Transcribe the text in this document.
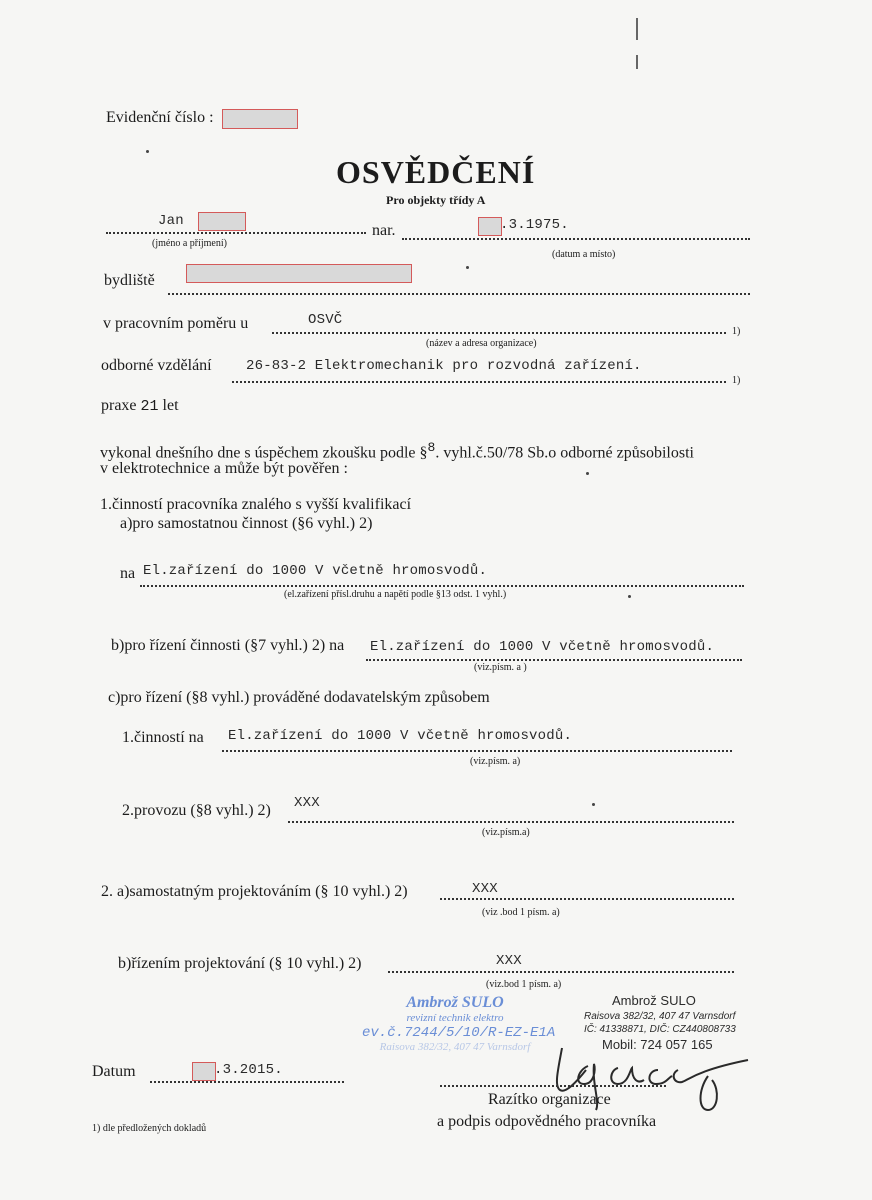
Evidenční číslo :
OSVĚDČENÍ
Pro objekty třídy A
Jan
nar.	.3.1975.
(jméno a příjmení)
(datum a místo)
bydliště
v pracovním poměru u	OSVČ
1)
(název a adresa organizace)
odborné vzdělání 26-83-2 Elektromechanik pro rozvodná zařízení.
1)
praxe 21 let
vykonal dnešního dne s úspěchem zkoušku podle §$^8$. vyhl.č.50/78 Sb.o odborné způsobilosti
v elektrotechnice a může být pověřen :
1.činností pracovníka znalého s vyšší kvalifikací
a)pro samostatnou činnost (§6 vyhl.) 2)
na El.zařízení do 1000 V včetně hromosvodů.
(el.zařízení přísl.druhu a napětí podle §13 odst. 1 vyhl.)
b)pro řízení činnosti (§7 vyhl.) 2) na El.zařízení do 1000 V včetně hromosvodů.
(viz.písm. a )
c)pro řízení (§8 vyhl.) prováděné dodavatelským způsobem
1.činností na El.zařízení do 1000 V včetně hromosvodů.
(viz.písm. a)
2.provozu (§8 vyhl.) 2) XXX
(viz.písm.a)
2. a)samostatným projektováním (§ 10 vyhl.) 2)	XXX
(viz .bod 1 písm. a)
b)řízením projektování (§ 10 vyhl.) 2)	XXX
(viz.bod 1 písm. a)
Ambrož SULO
revizní technik elektro
ev.č.7244/5/10/R-EZ-E1A
Raisova 382/32, 407 47 Varnsdorf
Ambrož SULO
Raisova 382/32, 407 47 Varnsdorf
IČ: 41338871, DIČ: CZ440808733
Mobil: 724 057 165
Datum	.3.2015.
Razítko organizace
a podpis odpovědného pracovníka
1) dle předložených dokladů
